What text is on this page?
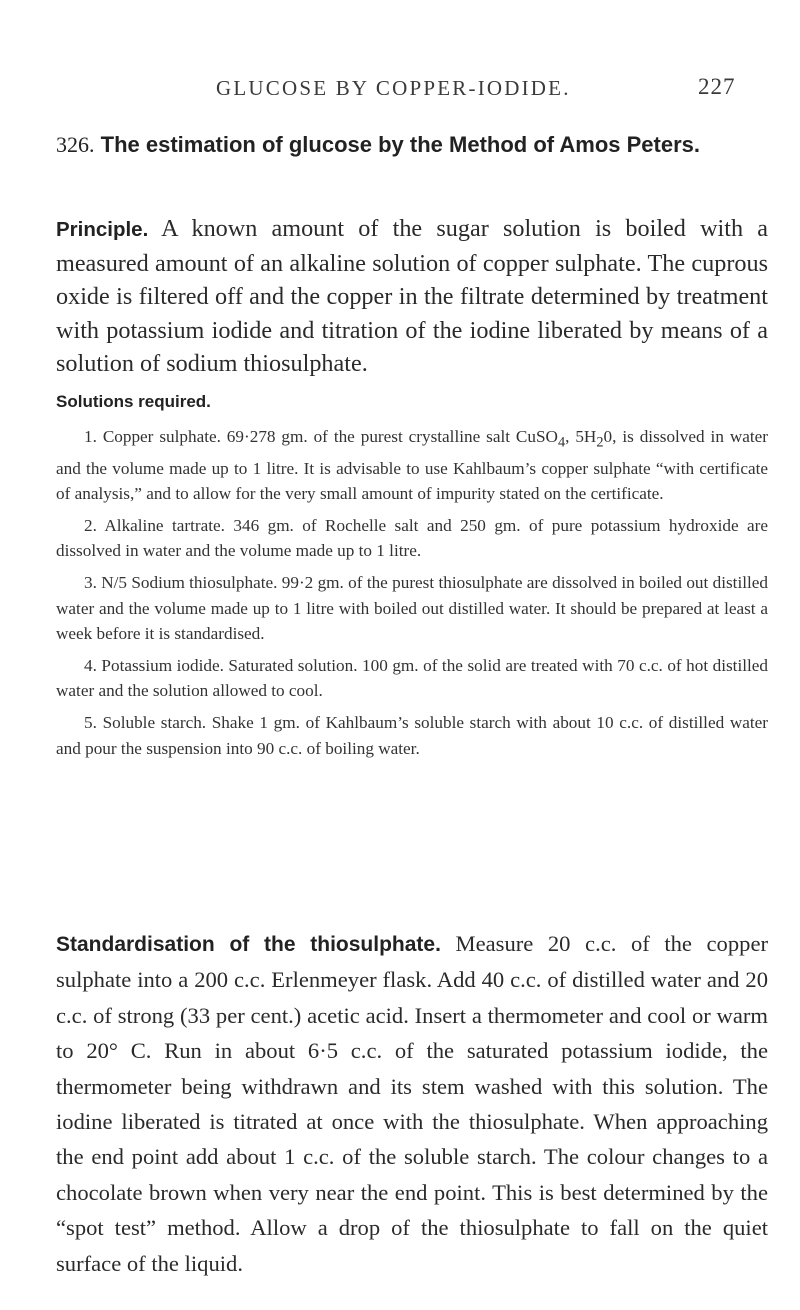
GLUCOSE BY COPPER-IODIDE.	227
326. The estimation of glucose by the Method of Amos Peters.

Principle. A known amount of the sugar solution is boiled with a measured amount of an alkaline solution of copper sulphate. The cuprous oxide is filtered off and the copper in the filtrate determined by treatment with potassium iodide and titration of the iodine liberated by means of a solution of sodium thiosulphate.

Solutions required.

1. Copper sulphate. 69·278 gm. of the purest crystalline salt CuSO$_4$, $5H_20$, is dissolved in water and the volume made up to 1 litre. It is advisable to use Kahlbaum’s copper sulphate “with certificate of analysis,” and to allow for the very small amount of impurity stated on the certificate.

2. Alkaline tartrate. 346 gm. of Rochelle salt and 250 gm. of pure potassium hydroxide are dissolved in water and the volume made up to 1 litre.

3. N/5 Sodium thiosulphate. 99·2 gm. of the purest thiosulphate are dissolved in boiled out distilled water and the volume made up to 1 litre with boiled out distilled water. It should be prepared at least a week before it is standardised.

4. Potassium iodide. Saturated solution. 100 gm. of the solid are treated with 70 c.c. of hot distilled water and the solution allowed to cool.

5. Soluble starch. Shake 1 gm. of Kahlbaum’s soluble starch with about 10 c.c. of distilled water and pour the suspension into 90 c.c. of boiling water.

Standardisation of the thiosulphate. Measure 20 c.c. of the copper sulphate into a 200 c.c. Erlenmeyer flask. Add 40 c.c. of distilled water and 20 c.c. of strong (33 per cent.) acetic acid. Insert a thermometer and cool or warm to 20° C. Run in about 6·5 c.c. of the saturated potassium iodide, the thermometer being withdrawn and its stem washed with this solution. The iodine liberated is titrated at once with the thiosulphate. When approaching the end point add about 1 c.c. of the soluble starch. The colour changes to a chocolate brown when very near the end point. This is best determined by the “spot test” method. Allow a drop of the thiosulphate to fall on the quiet surface of the liquid.
